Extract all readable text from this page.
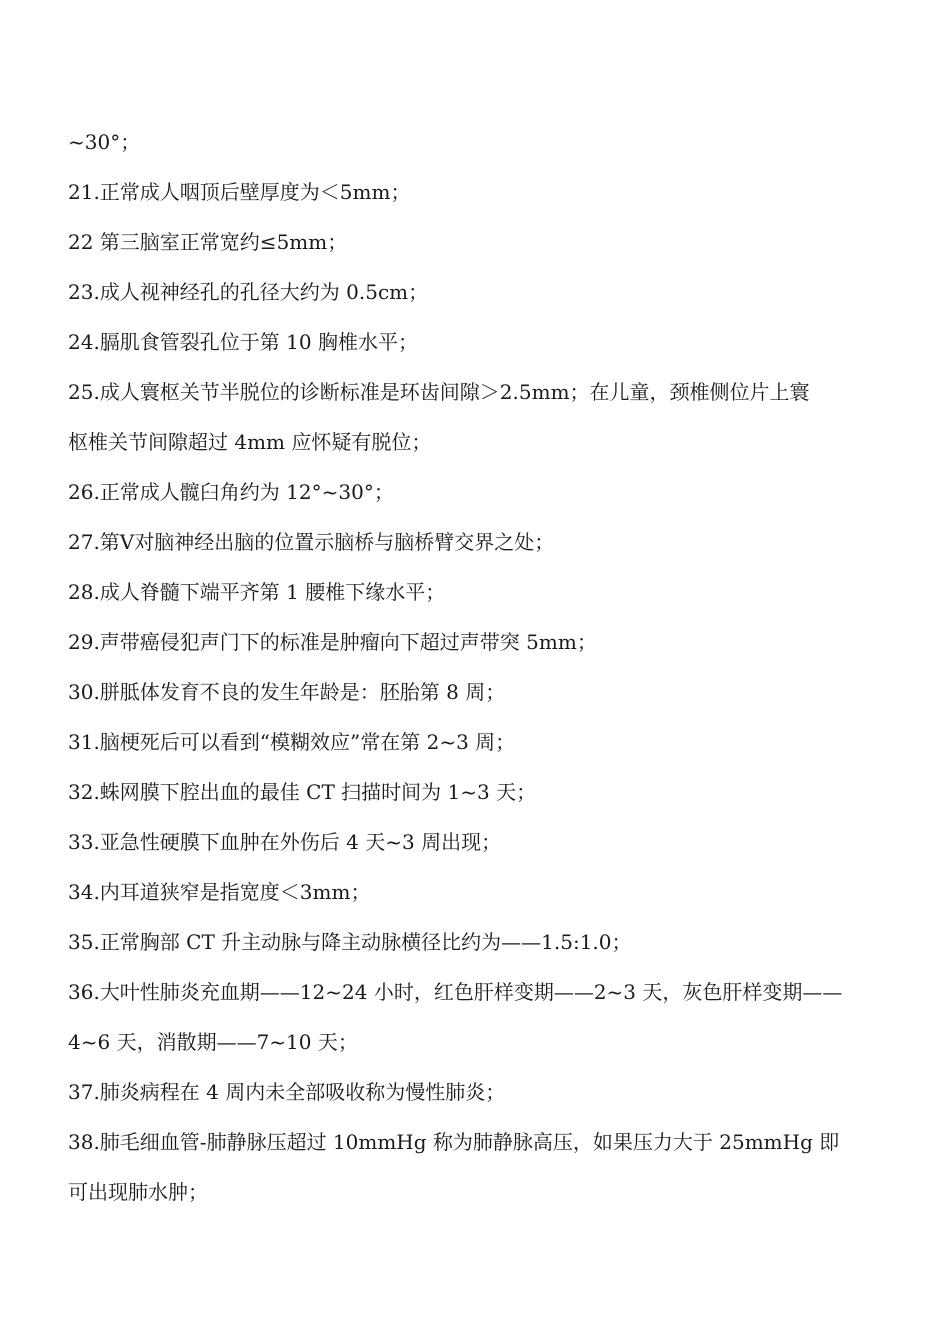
~30°；

21.正常成人咽顶后壁厚度为＜5mm；

22 第三脑室正常宽约≤5mm；

23.成人视神经孔的孔径大约为 0.5cm；

24.膈肌食管裂孔位于第 10 胸椎水平；

25.成人寰枢关节半脱位的诊断标准是环齿间隙＞2.5mm；在儿童，颈椎侧位片上寰

枢椎关节间隙超过 4mm 应怀疑有脱位；

26.正常成人髋臼角约为 12°~30°；

27.第Ⅴ对脑神经出脑的位置示脑桥与脑桥臂交界之处；

28.成人脊髓下端平齐第 1 腰椎下缘水平；

29.声带癌侵犯声门下的标准是肿瘤向下超过声带突 5mm；

30.胼胝体发育不良的发生年龄是：胚胎第 8 周；

31.脑梗死后可以看到“模糊效应”常在第 2~3 周；

32.蛛网膜下腔出血的最佳 CT 扫描时间为 1~3 天；

33.亚急性硬膜下血肿在外伤后 4 天~3 周出现；

34.内耳道狭窄是指宽度＜3mm；

35.正常胸部 CT 升主动脉与降主动脉横径比约为——1.5:1.0；

36.大叶性肺炎充血期——12~24 小时，红色肝样变期——2~3 天，灰色肝样变期——

4~6 天，消散期——7~10 天；

37.肺炎病程在 4 周内未全部吸收称为慢性肺炎；

38.肺毛细血管-肺静脉压超过 10mmHg 称为肺静脉高压，如果压力大于 25mmHg 即

可出现肺水肿；
